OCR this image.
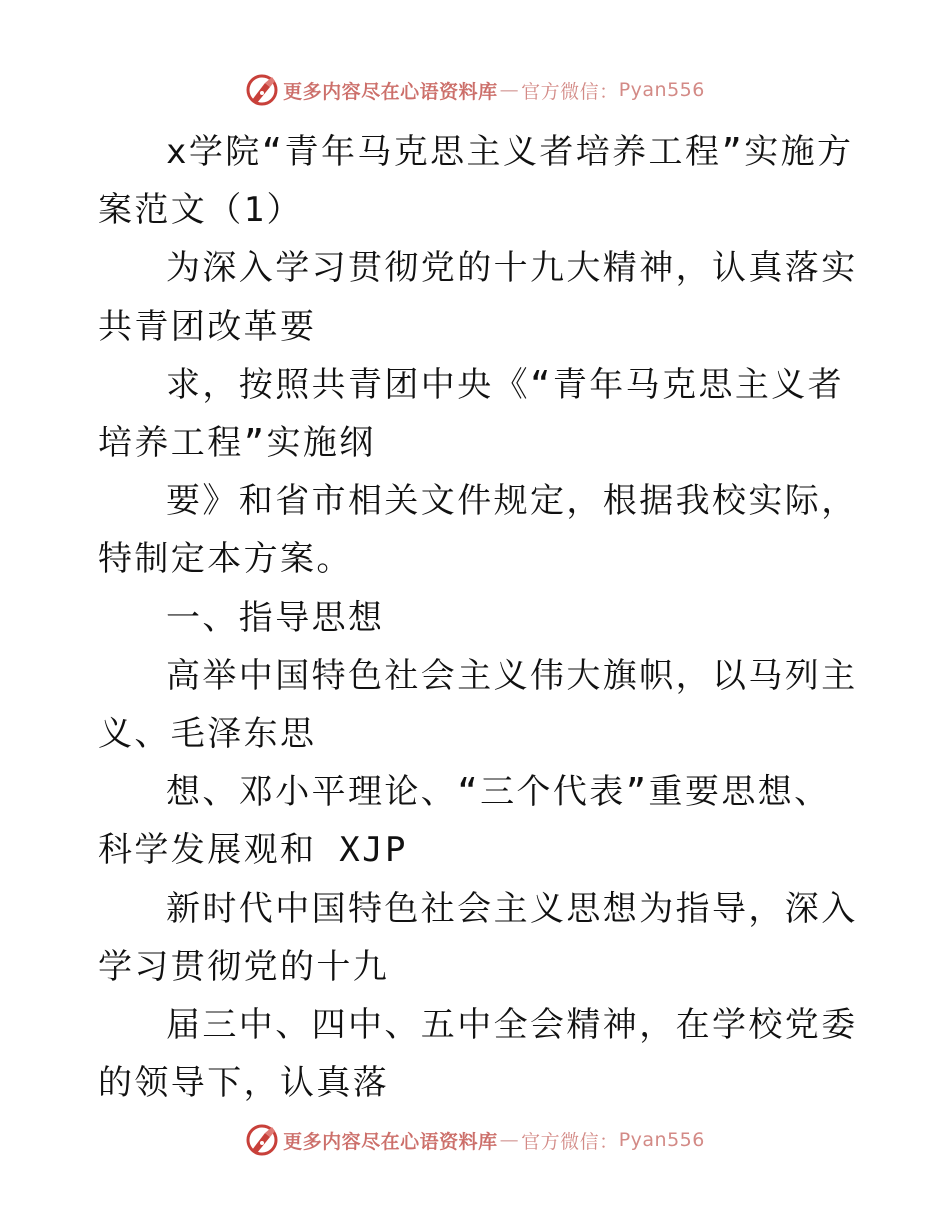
更多内容尽在心语资料库 — 官方微信： Pyan556

x学院“青年马克思主义者培养工程”实施方案范文（1）

为深入学习贯彻党的十九大精神，认真落实共青团改革要

求，按照共青团中央《“青年马克思主义者培养工程”实施纲

要》和省市相关文件规定，根据我校实际，特制定本方案。

一、指导思想

高举中国特色社会主义伟大旗帜，以马列主义、毛泽东思

想、邓小平理论、“三个代表”重要思想、科学发展观和 XJP

新时代中国特色社会主义思想为指导，深入学习贯彻党的十九

届三中、四中、五中全会精神，在学校党委的领导下，认真落

更多内容尽在心语资料库 — 官方微信： Pyan556
